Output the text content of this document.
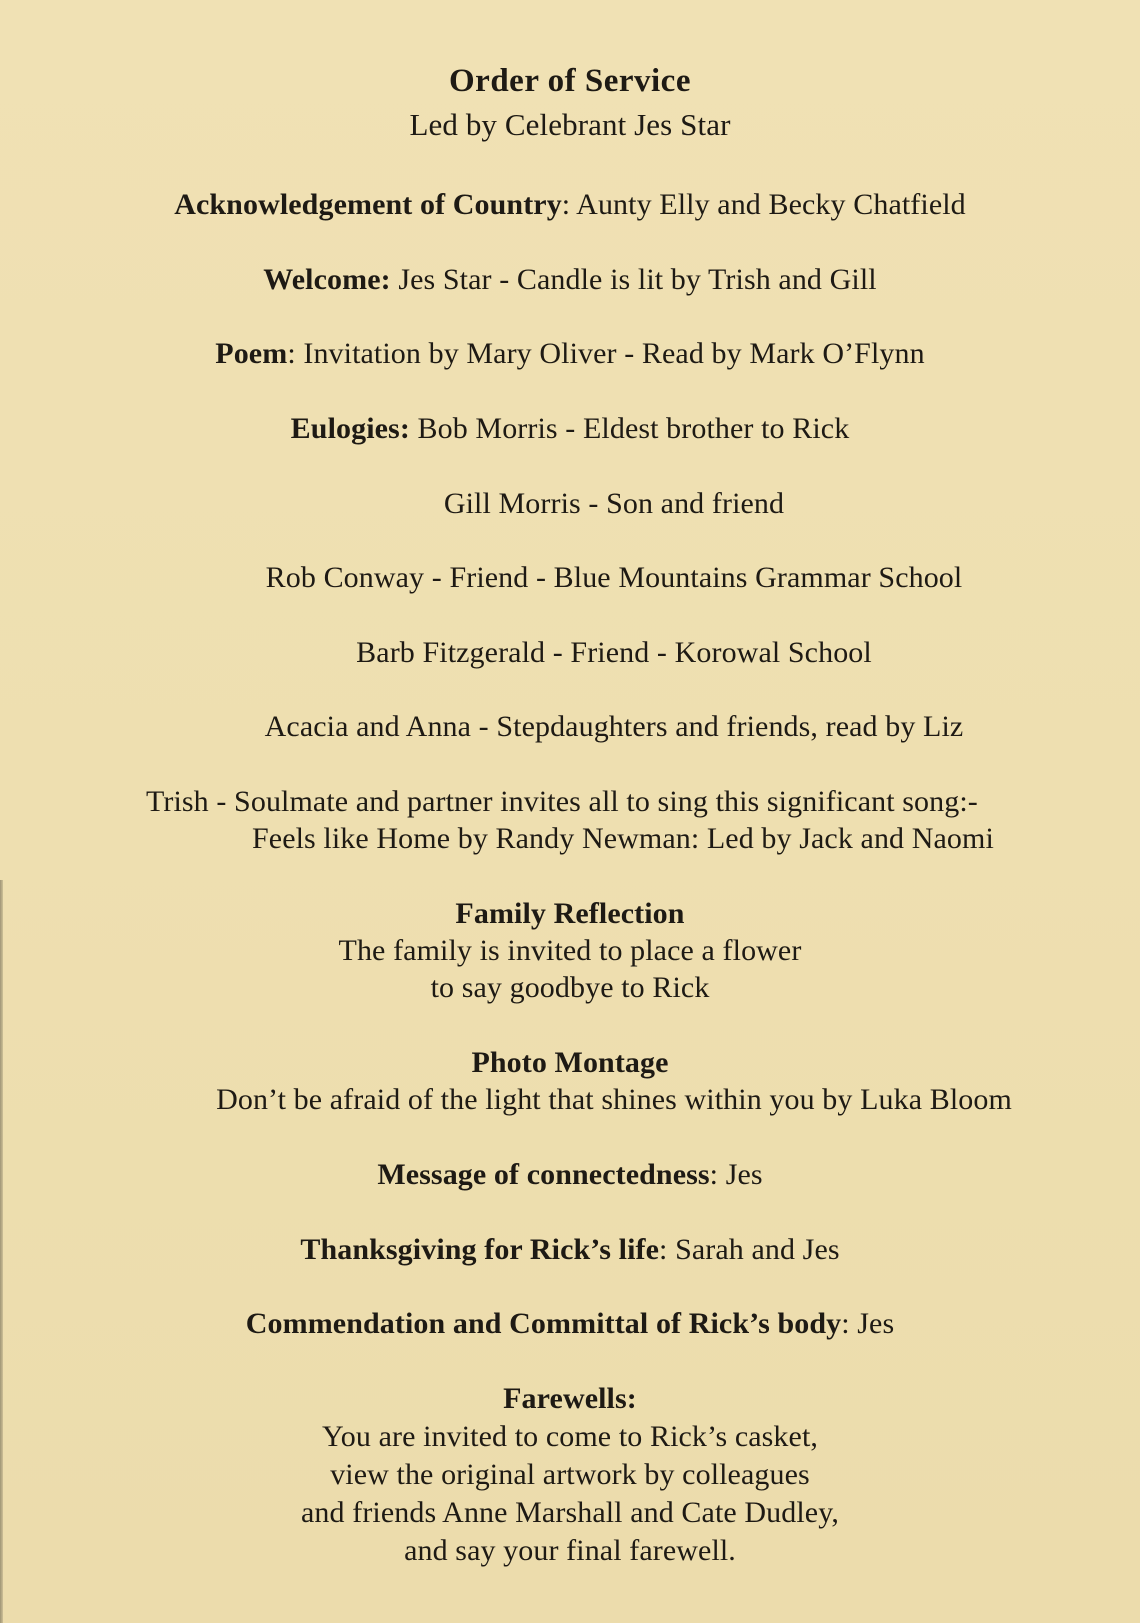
Order of Service
Led by Celebrant Jes Star
Acknowledgement of Country: Aunty Elly and Becky Chatfield
Welcome: Jes Star - Candle is lit by Trish and Gill
Poem: Invitation by Mary Oliver - Read by Mark O’Flynn
Eulogies: Bob Morris - Eldest brother to Rick
Gill Morris - Son and friend
Rob Conway - Friend - Blue Mountains Grammar School
Barb Fitzgerald - Friend - Korowal School
Acacia and Anna - Stepdaughters and friends, read by Liz
Trish - Soulmate and partner invites all to sing this significant song:-
Feels like Home by Randy Newman: Led by Jack and Naomi
Family Reflection
The family is invited to place a flower
to say goodbye to Rick
Photo Montage
Don’t be afraid of the light that shines within you by Luka Bloom
Message of connectedness: Jes
Thanksgiving for Rick’s life: Sarah and Jes
Commendation and Committal of Rick’s body: Jes
Farewells:
You are invited to come to Rick’s casket,
view the original artwork by colleagues
and friends Anne Marshall and Cate Dudley,
and say your final farewell.
